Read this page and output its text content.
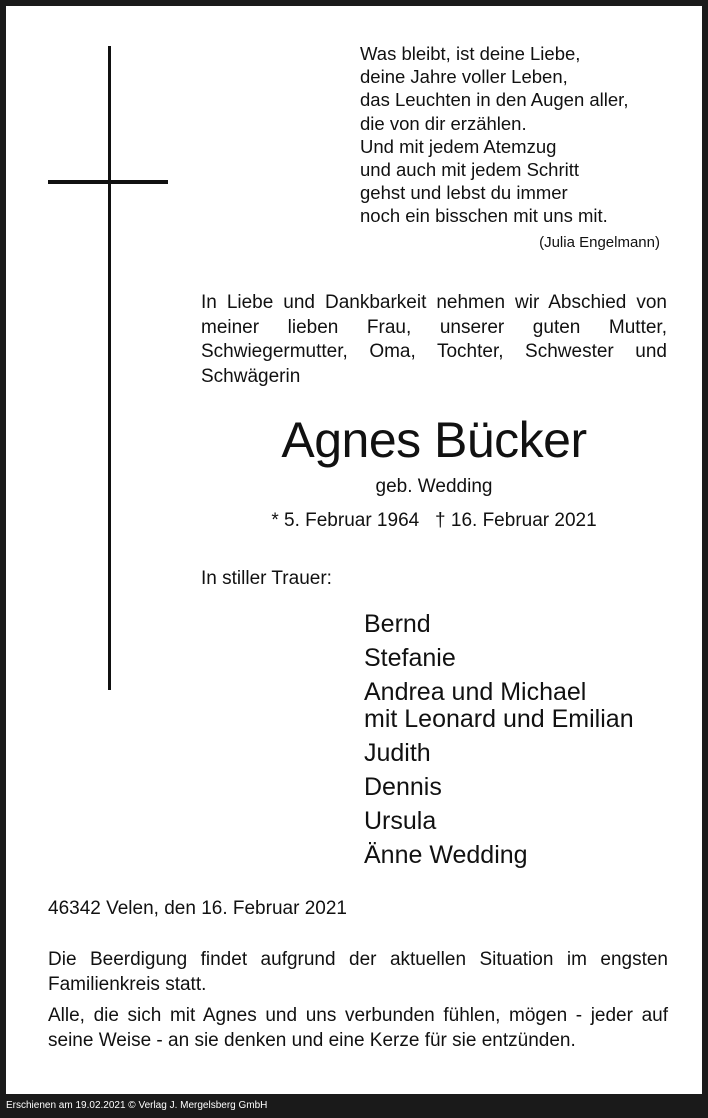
Was bleibt, ist deine Liebe,
deine Jahre voller Leben,
das Leuchten in den Augen aller,
die von dir erzählen.
Und mit jedem Atemzug
und auch mit jedem Schritt
gehst und lebst du immer
noch ein bisschen mit uns mit.
(Julia Engelmann)
In Liebe und Dankbarkeit nehmen wir Abschied von meiner lieben Frau, unserer guten Mutter, Schwiegermutter, Oma, Tochter, Schwester und Schwägerin
Agnes Bücker
geb. Wedding
* 5. Februar 1964   † 16. Februar 2021
In stiller Trauer:
Bernd
Stefanie
Andrea und Michael
mit Leonard und Emilian
Judith
Dennis
Ursula
Änne Wedding
46342 Velen, den 16. Februar 2021
Die Beerdigung findet aufgrund der aktuellen Situation im engsten Familienkreis statt.
Alle, die sich mit Agnes und uns verbunden fühlen, mögen - jeder auf seine Weise - an sie denken und eine Kerze für sie entzünden.
Erschienen am 19.02.2021 © Verlag J. Mergelsberg GmbH
